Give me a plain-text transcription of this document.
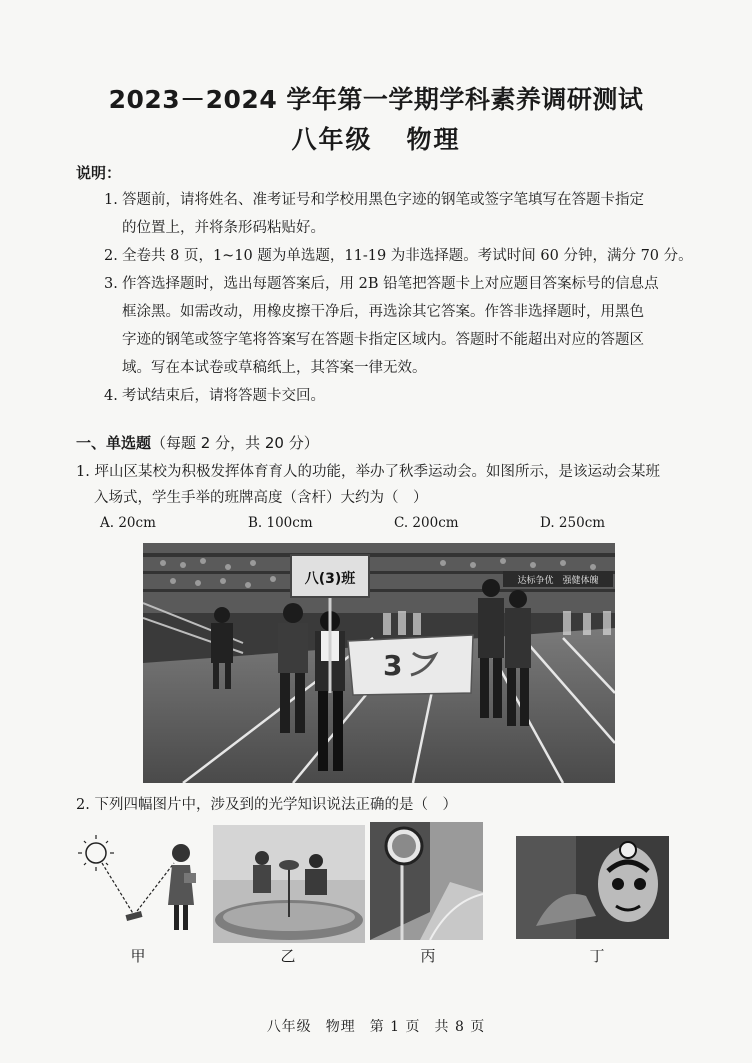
2023－2024 学年第一学期学科素养调研测试
八年级 物理
说明：
1. 答题前，请将姓名、准考证号和学校用黑色字迹的钢笔或签字笔填写在答题卡指定
的位置上，并将条形码粘贴好。
2. 全卷共 8 页，1~10 题为单选题，11-19 为非选择题。考试时间 60 分钟，满分 70 分。
3. 作答选择题时，选出每题答案后，用 2B 铅笔把答题卡上对应题目答案标号的信息点
框涂黑。如需改动，用橡皮擦干净后，再选涂其它答案。作答非选择题时，用黑色
字迹的钢笔或签字笔将答案写在答题卡指定区域内。答题时不能超出对应的答题区
域。写在本试卷或草稿纸上，其答案一律无效。
4. 考试结束后，请将答题卡交回。
一、单选题（每题 2 分，共 20 分）
1. 坪山区某校为积极发挥体育育人的功能，举办了秋季运动会。如图所示，是该运动会某班
入场式，学生手举的班牌高度（含杆）大约为（　）
A. 20cm	B. 100cm	C. 200cm	D. 250cm
达标争优　强健体魄
八(3)班
3
2. 下列四幅图片中，涉及到的光学知识说法正确的是（　）
甲	乙	丙	丁
八年级 物理 第 1 页 共 8 页
